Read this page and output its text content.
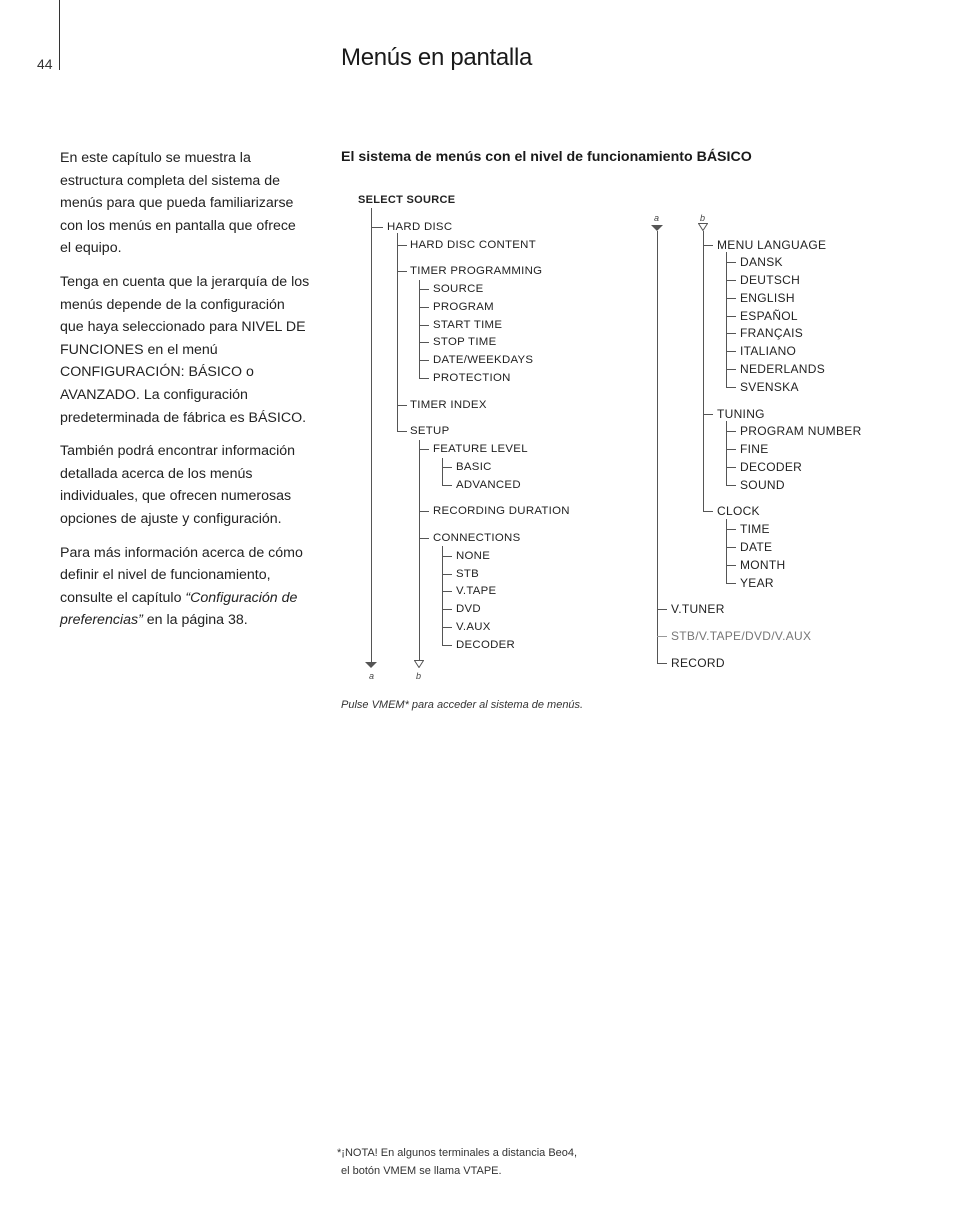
44	Menús en pantalla

En este capítulo se muestra la estructura completa del sistema de menús para que pueda familiarizarse con los menús en pantalla que ofrece el equipo.

Tenga en cuenta que la jerarquía de los menús depende de la configuración que haya seleccionado para NIVEL DE FUNCIONES en el menú CONFIGURACIÓN: BÁSICO o AVANZADO. La configuración predeterminada de fábrica es BÁSICO.

También podrá encontrar información detallada acerca de los menús individuales, que ofrecen numerosas opciones de ajuste y configuración.

Para más información acerca de cómo definir el nivel de funcionamiento, consulte el capítulo “Configuración de preferencias” en la página 38.

El sistema de menús con el nivel de funcionamiento BÁSICO
SELECT SOURCE
HARD DISC
HARD DISC CONTENT
TIMER PROGRAMMING
SOURCE
PROGRAM
START TIME
STOP TIME
DATE/WEEKDAYS
PROTECTION
TIMER INDEX
SETUP
FEATURE LEVEL
BASIC
ADVANCED
RECORDING DURATION
CONNECTIONS
NONE
STB
V.TAPE
DVD
V.AUX
DECODER
a	b
a	b
MENU LANGUAGE
DANSK
DEUTSCH
ENGLISH
ESPAÑOL
FRANÇAIS
ITALIANO
NEDERLANDS
SVENSKA
TUNING
PROGRAM NUMBER
FINE
DECODER
SOUND
CLOCK
TIME
DATE
MONTH
YEAR
V.TUNER
STB/V.TAPE/DVD/V.AUX
RECORD

Pulse VMEM* para acceder al sistema de menús.

*¡NOTA! En algunos terminales a distancia Beo4,
el botón VMEM se llama VTAPE.
